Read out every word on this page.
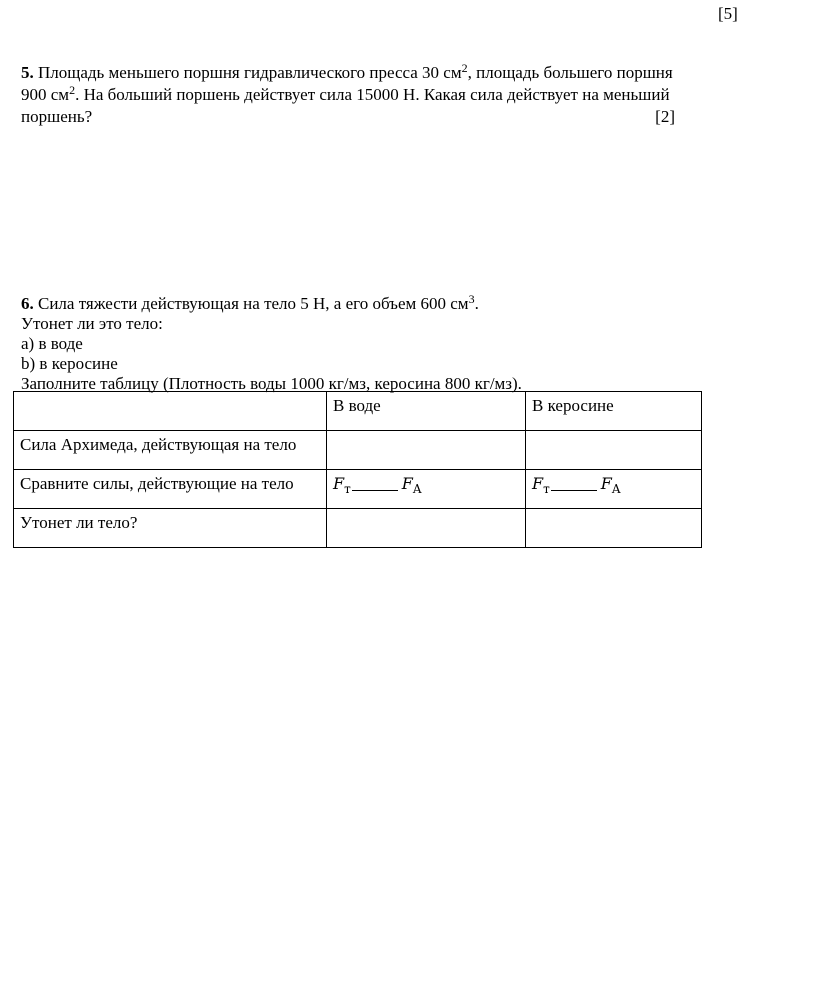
[5]
5. Площадь меньшего поршня гидравлического пресса 30 $см^2$, площадь большего поршня
900 $см^2$. На больший поршень действует сила 15000 Н. Какая сила действует на меньший
поршень?	[2]
6. Сила тяжести действующая на тело 5 Н, а его объем 600 $см^3$.
Утонет ли это тело:
a) в воде
b) в керосине
Заполните таблицу (Плотность воды 1000 кг/мз, керосина 800 кг/мз).
	В воде	В керосине
Сила Архимеда, действующая на тело		
Сравните силы, действующие на тело	$F_т$ $F_A$	$F_т$ $F_A$
Утонет ли тело?		
